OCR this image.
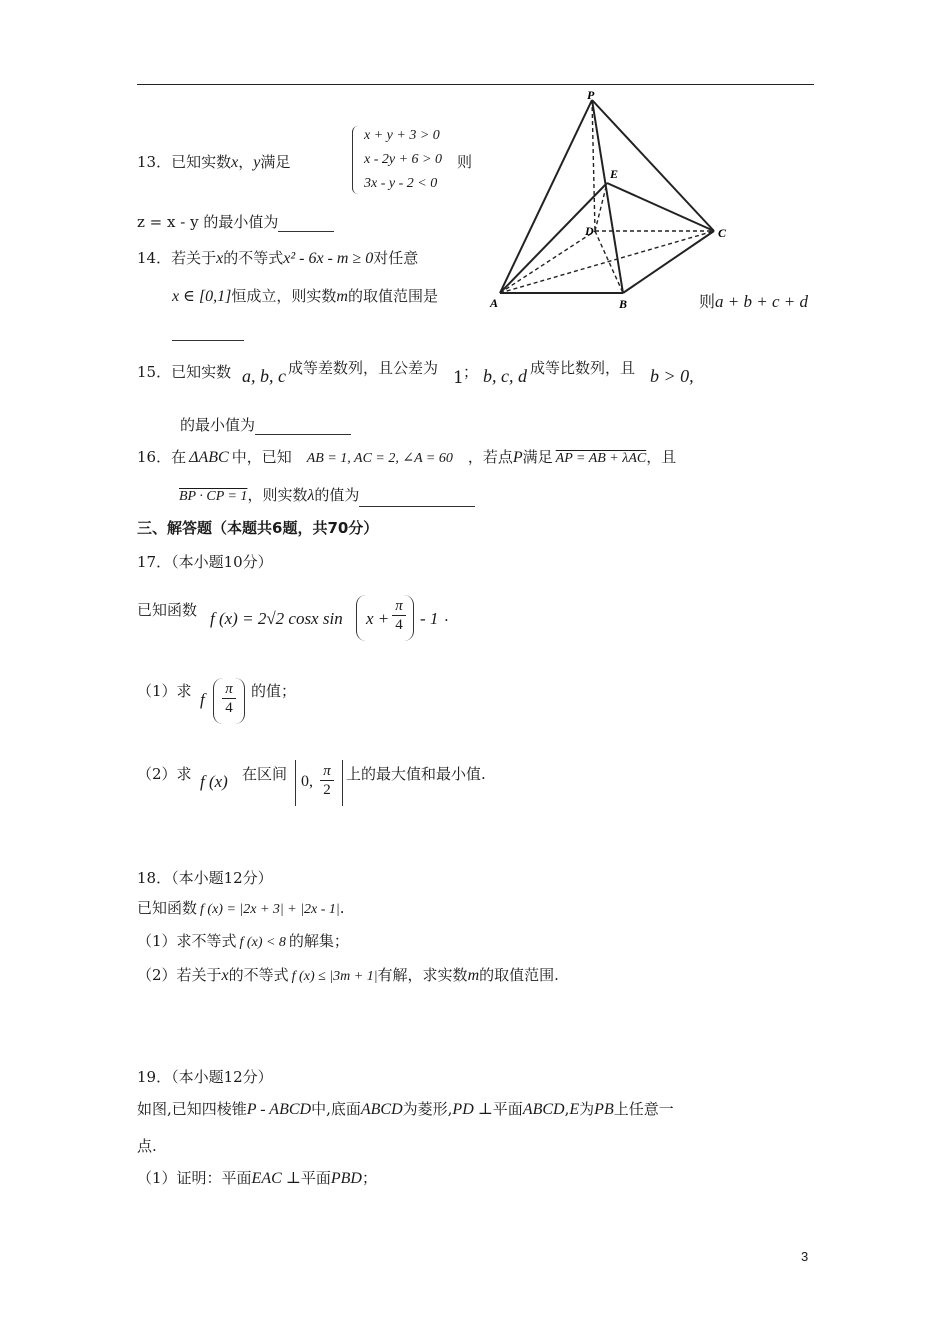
13．已知实数x，y满足
x + y + 3 > 0
x - 2y + 6 > 0
3x - y - 2 < 0
则
z = x - y 的最小值为
14．若关于x的不等式x² - 6x - m ≥ 0对任意
x ∈ [0,1]恒成立，则实数m的取值范围是
P
E
D	C
A	B	则a + b + c + d
15．已知实数 a, b, c 成等差数列，且公差为 1 ； b, c, d 成等比数列，且 b > 0,
的最小值为
16．在  ΔABC  中，已知  AB = 1, AC = 2, ∠A = 60  ，若点P满足  AP = AB + λAC，且
BP · CP = 1，则实数λ的值为
三、解答题（本题共6题，共70分）
17．（本小题10分）
已知函数 f (x) = 2√2 cosx $\sin x + \frac{\pi}{4} - 1$ .
（1）求 f $\frac{\pi}{4}$ 的值；
（2）求 f (x) 在区间 0, $\frac{\pi}{2}$ 上的最大值和最小值.
18．（本小题12分）
已知函数  f (x) = |2x + 3| + |2x - 1|.
（1）求不等式  f (x) < 8  的解集；
（2）若关于x的不等式  f (x) ≤ |3m + 1|有解，求实数m的取值范围.
19．（本小题12分）
如图,已知四棱锥P - ABCD中,底面ABCD为菱形,PD ⊥平面ABCD,E为PB上任意一
点.
（1）证明：平面EAC ⊥平面PBD；
3
